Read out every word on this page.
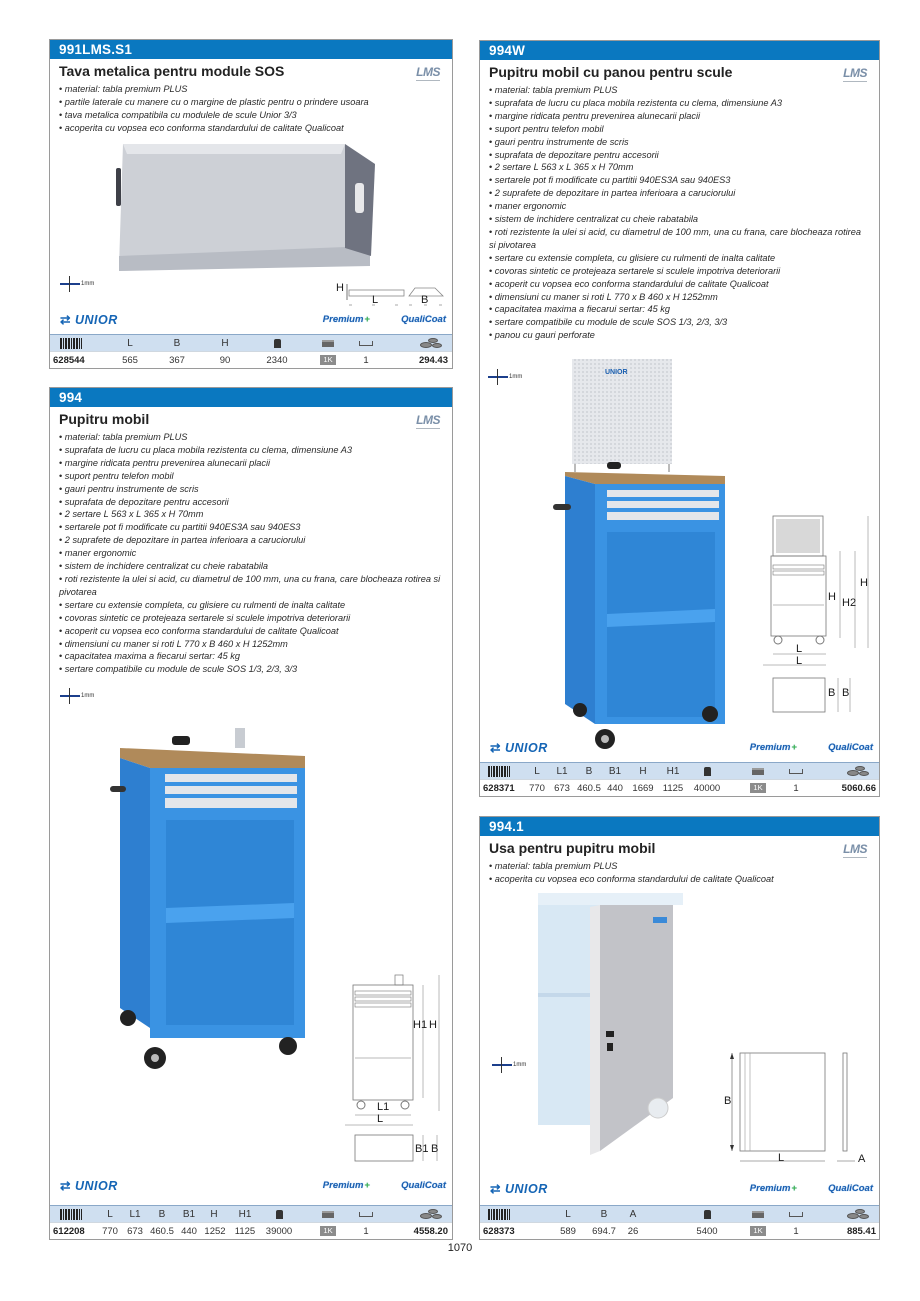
991LMS.S1
Tava metalica pentru module SOS	LMS
• material: tabla premium PLUS
• partile laterale cu manere cu o margine de plastic pentru o prindere usoara
• tava metalica compatibila cu modulele de scule Unior 3/3
• acoperita cu vopsea eco conforma standardului de calitate Qualicoat
1mm	H
L	B
⇄ UNIOR	Premium+	QualiCoat
L	B	H
628544	565	367	90	2340	1K	1	294.43
994
Pupitru mobil	LMS
• material: tabla premium PLUS
• suprafata de lucru cu placa mobila rezistenta cu clema, dimensiune A3
• margine ridicata pentru prevenirea alunecarii placii
• suport pentru telefon mobil
• gauri pentru instrumente de scris
• suprafata de depozitare pentru accesorii
• 2 sertare L 563 x L 365 x H 70mm
• sertarele pot fi modificate cu partitii 940ES3A sau 940ES3
• 2 suprafete de depozitare in partea inferioara a caruciorului
• maner ergonomic
• sistem de inchidere centralizat cu cheie rabatabila
• roti rezistente la ulei si acid, cu diametrul de 100 mm, una cu frana, care blocheaza rotirea si pivotarea
• sertare cu extensie completa, cu glisiere cu rulmenti de inalta calitate
• covoras sintetic ce protejeaza sertarele si sculele impotriva deteriorarii
• acoperit cu vopsea eco conforma standardului de calitate Qualicoat
• dimensiuni cu maner si roti L 770 x B 460 x H 1252mm
• capacitatea maxima a fiecarui sertar: 45 kg
• sertare compatibile cu module de scule SOS 1/3, 2/3, 3/3
1mm
H1 H
L1
L
B1 B
⇄ UNIOR	Premium+	QualiCoat
L	L1	B	B1	H	H1
612208	770 673 460.5 440 1252 1125	39000	1K	1	4558.20
994W
Pupitru mobil cu panou pentru scule	LMS
• material: tabla premium PLUS
• suprafata de lucru cu placa mobila rezistenta cu clema, dimensiune A3
• margine ridicata pentru prevenirea alunecarii placii
• suport pentru telefon mobil
• gauri pentru instrumente de scris
• suprafata de depozitare pentru accesorii
• 2 sertare L 563 x L 365 x H 70mm
• sertarele pot fi modificate cu partitii 940ES3A sau 940ES3
• 2 suprafete de depozitare in partea inferioara a caruciorului
• maner ergonomic
• sistem de inchidere centralizat cu cheie rabatabila
• roti rezistente la ulei si acid, cu diametrul de 100 mm, una cu frana, care blocheaza rotirea si pivotarea
• sertare cu extensie completa, cu glisiere cu rulmenti de inalta calitate
• covoras sintetic ce protejeaza sertarele si sculele impotriva deteriorarii
• acoperit cu vopsea eco conforma standardului de calitate Qualicoat
• dimensiuni cu maner si roti L 770 x B 460 x H 1252mm
• capacitatea maxima a fiecarui sertar: 45 kg
• sertare compatibile cu module de scule SOS 1/3, 2/3, 3/3
• panou cu gauri perforate
1mm
UNIOR
H H2
H
L
L
B B
⇄ UNIOR	Premium+	QualiCoat
L	L1	B	B1	H	H1
628371	770 673 460.5 440	1669 1125	40000	1K	1	5060.66
994.1
Usa pentru pupitru mobil	LMS
• material: tabla premium PLUS
• acoperita cu vopsea eco conforma standardului de calitate Qualicoat
1mm
B
L	A
⇄ UNIOR	Premium+	QualiCoat
L	B	A
628373	589	694.7	26	5400	1K	1	885.41
1070
